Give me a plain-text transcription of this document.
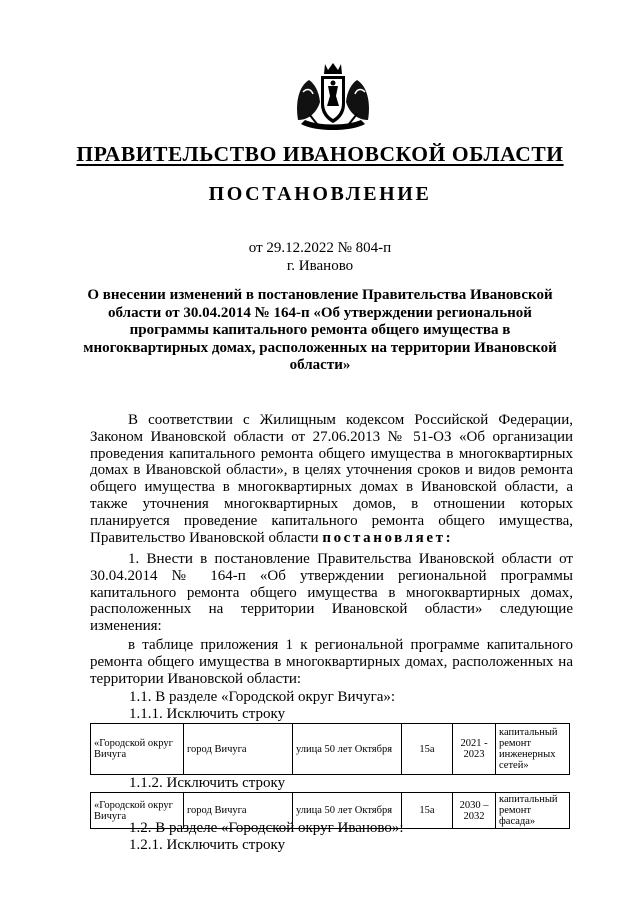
ПРАВИТЕЛЬСТВО ИВАНОВСКОЙ ОБЛАСТИ
ПОСТАНОВЛЕНИЕ
от 29.12.2022 № 804-п
г. Иваново
О внесении изменений в постановление Правительства Ивановской области от 30.04.2014 № 164-п «Об утверждении региональной программы капитального ремонта общего имущества в многоквартирных домах, расположенных на территории Ивановской области»

В соответствии с Жилищным кодексом Российской Федерации, Законом Ивановской области от 27.06.2013 № 51-ОЗ «Об организации проведения капитального ремонта общего имущества в многоквартирных домах в Ивановской области», в целях уточнения сроков и видов ремонта общего имущества в многоквартирных домах в Ивановской области, а также уточнения многоквартирных домов, в отношении которых планируется проведение капитального ремонта общего имущества, Правительство Ивановской области постановляет:

1. Внести в постановление Правительства Ивановской области от 30.04.2014 № 164-п «Об утверждении региональной программы капитального ремонта общего имущества в многоквартирных домах, расположенных на территории Ивановской области» следующие изменения:

в таблице приложения 1 к региональной программе капитального ремонта общего имущества в многоквартирных домах, расположенных на территории Ивановской области:

1.1. В разделе «Городской округ Вичуга»:
1.1.1. Исключить строку
«Городской округ Вичуга	город Вичуга	улица 50 лет Октября	15а	2021 - 2023	капитальный ремонт инженерных сетей»
1.1.2. Исключить строку
«Городской округ Вичуга	город Вичуга	улица 50 лет Октября	15а	2030 – 2032	капитальный ремонт фасада»
1.2. В разделе «Городской округ Иваново»:
1.2.1. Исключить строку
